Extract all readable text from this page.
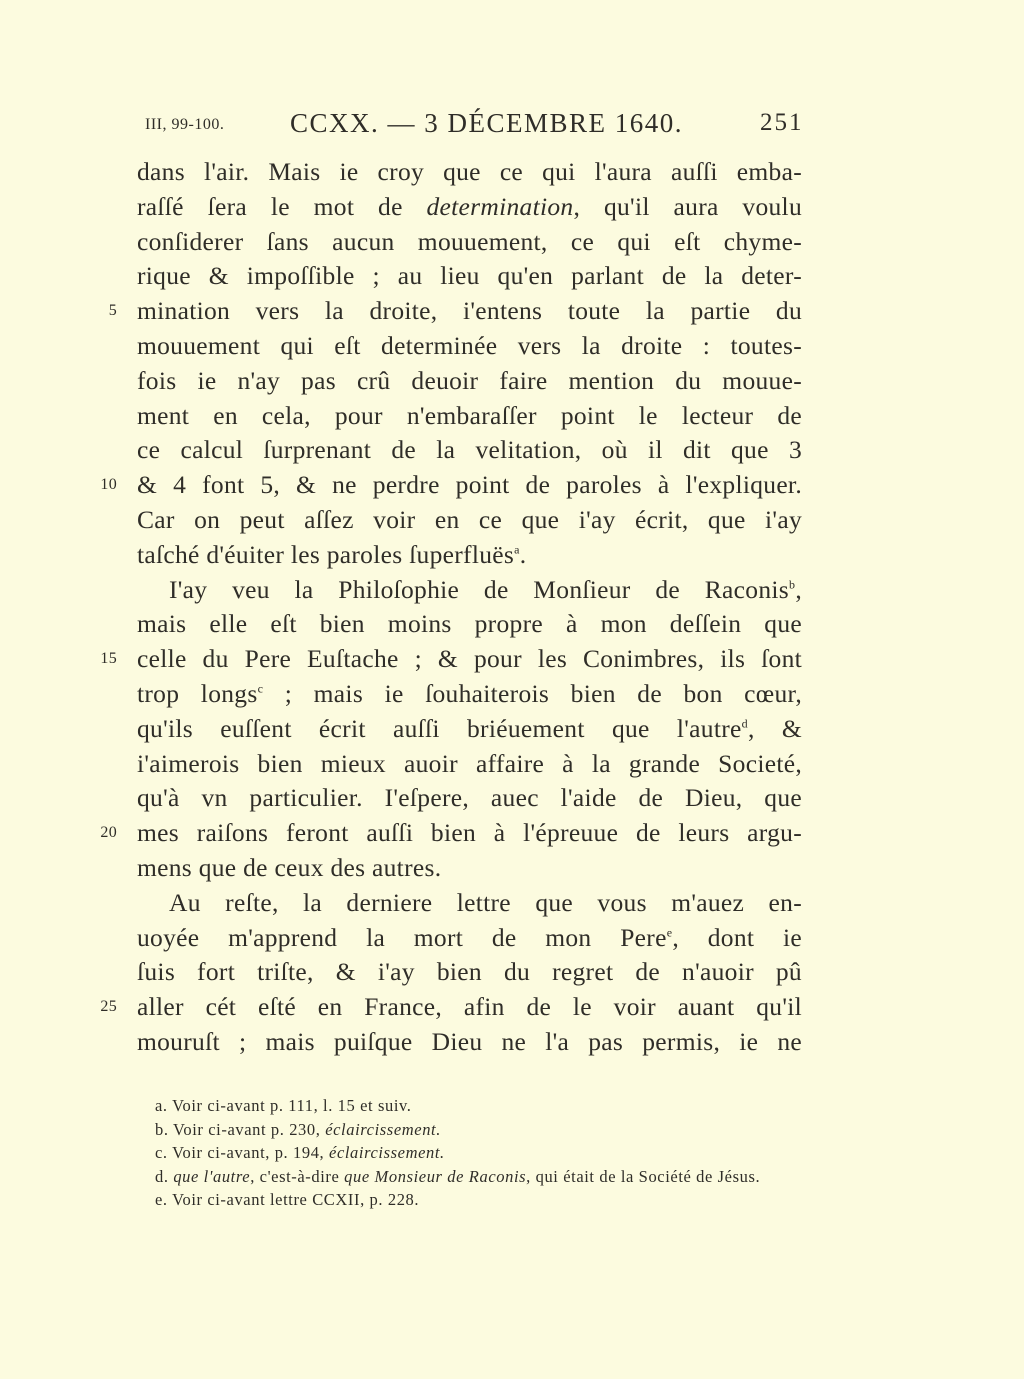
III, 99-100. CCXX. — 3 DÉCEMBRE 1640.	251
dans l'air. Mais ie croy que ce qui l'aura auſſi emba-
raſſé ſera le mot de determination, qu'il aura voulu
conſiderer ſans aucun mouuement, ce qui eſt chyme-
rique & impoſſible ; au lieu qu'en parlant de la deter-
5 mination vers la droite, i'entens toute la partie du
mouuement qui eſt determinée vers la droite : toutes-
fois ie n'ay pas crû deuoir faire mention du mouue-
ment en cela, pour n'embaraſſer point le lecteur de
ce calcul ſurprenant de la velitation, où il dit que 3
10 & 4 font 5, & ne perdre point de paroles à l'expliquer.
Car on peut aſſez voir en ce que i'ay écrit, que i'ay
taſché d'éuiter les paroles ſuperfluës$^a$.
I'ay veu la Philoſophie de Monſieur de Raconis$^b$,
mais elle eſt bien moins propre à mon deſſein que
15 celle du Pere Euſtache ; & pour les Conimbres, ils ſont
trop longs$^c$ ; mais ie ſouhaiterois bien de bon cœur,
qu'ils euſſent écrit auſſi briéuement que l'autre$^d$, &
i'aimerois bien mieux auoir affaire à la grande Societé,
qu'à vn particulier. I'eſpere, auec l'aide de Dieu, que
20 mes raiſons feront auſſi bien à l'épreuue de leurs argu-
mens que de ceux des autres.
Au reſte, la derniere lettre que vous m'auez en-
uoyée m'apprend la mort de mon Pere$^e$, dont ie
ſuis fort triſte, & i'ay bien du regret de n'auoir pû
25 aller cét eſté en France, afin de le voir auant qu'il
mouruſt ; mais puiſque Dieu ne l'a pas permis, ie ne
a. Voir ci-avant p. 111, l. 15 et suiv.
b. Voir ci-avant p. 230, éclaircissement.
c. Voir ci-avant, p. 194, éclaircissement.
d. que l'autre, c'est-à-dire que Monsieur de Raconis, qui était de la Société de Jésus.
e. Voir ci-avant lettre CCXII, p. 228.
